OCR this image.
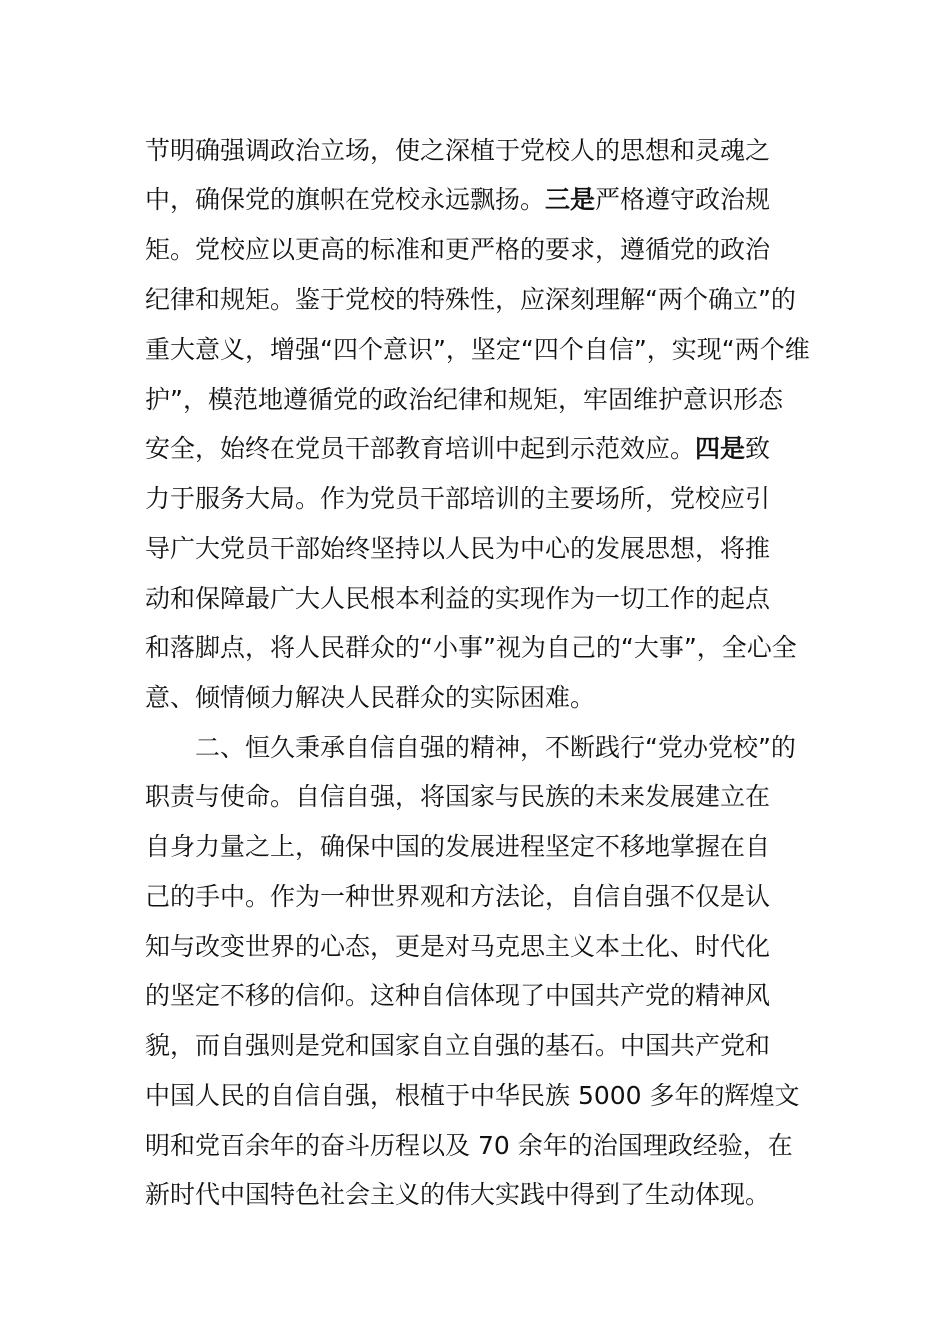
节明确强调政治立场，使之深植于党校人的思想和灵魂之
中，确保党的旗帜在党校永远飘扬。三是严格遵守政治规
矩。党校应以更高的标准和更严格的要求，遵循党的政治
纪律和规矩。鉴于党校的特殊性，应深刻理解“两个确立”的
重大意义，增强“四个意识”，坚定“四个自信”，实现“两个维
护”，模范地遵循党的政治纪律和规矩，牢固维护意识形态
安全，始终在党员干部教育培训中起到示范效应。四是致
力于服务大局。作为党员干部培训的主要场所，党校应引
导广大党员干部始终坚持以人民为中心的发展思想，将推
动和保障最广大人民根本利益的实现作为一切工作的起点
和落脚点，将人民群众的“小事”视为自己的“大事”，全心全
意、倾情倾力解决人民群众的实际困难。
二、恒久秉承自信自强的精神，不断践行“党办党校”的
职责与使命。自信自强，将国家与民族的未来发展建立在
自身力量之上，确保中国的发展进程坚定不移地掌握在自
己的手中。作为一种世界观和方法论，自信自强不仅是认
知与改变世界的心态，更是对马克思主义本土化、时代化
的坚定不移的信仰。这种自信体现了中国共产党的精神风
貌，而自强则是党和国家自立自强的基石。中国共产党和
中国人民的自信自强，根植于中华民族 5000 多年的辉煌文
明和党百余年的奋斗历程以及 70 余年的治国理政经验，在
新时代中国特色社会主义的伟大实践中得到了生动体现。
